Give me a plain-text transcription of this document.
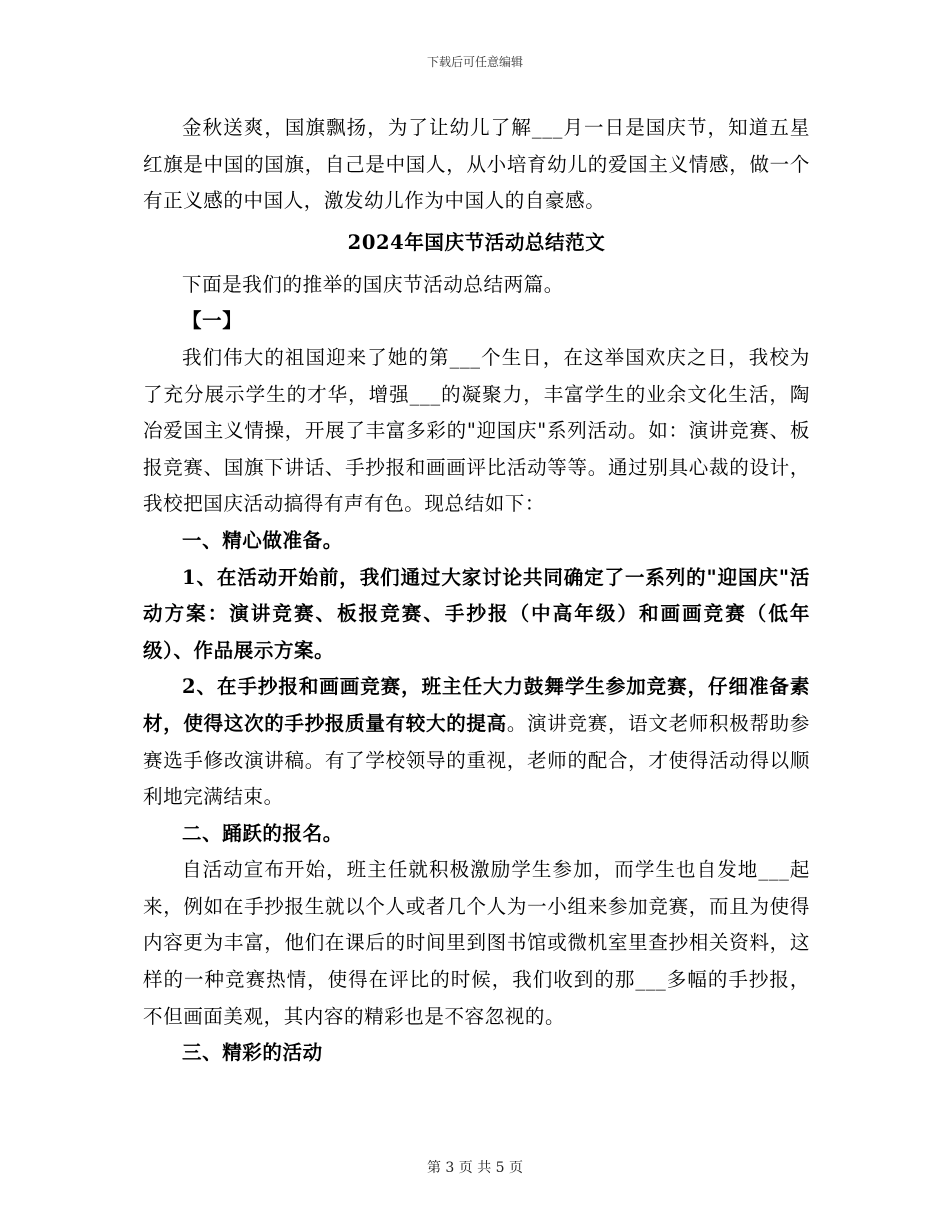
下载后可任意编辑

金秋送爽，国旗飘扬，为了让幼儿了解___月一日是国庆节，知道五星红旗是中国的国旗，自己是中国人，从小培育幼儿的爱国主义情感，做一个有正义感的中国人，激发幼儿作为中国人的自豪感。

2024年国庆节活动总结范文

下面是我们的推举的国庆节活动总结两篇。

【一】

我们伟大的祖国迎来了她的第___个生日，在这举国欢庆之日，我校为了充分展示学生的才华，增强___的凝聚力，丰富学生的业余文化生活，陶冶爱国主义情操，开展了丰富多彩的"迎国庆"系列活动。如：演讲竞赛、板报竞赛、国旗下讲话、手抄报和画画评比活动等等。通过别具心裁的设计，我校把国庆活动搞得有声有色。现总结如下：

一、精心做准备。

1、在活动开始前，我们通过大家讨论共同确定了一系列的"迎国庆"活动方案：演讲竞赛、板报竞赛、手抄报（中高年级）和画画竞赛（低年级）、作品展示方案。

2、在手抄报和画画竞赛，班主任大力鼓舞学生参加竞赛，仔细准备素材，使得这次的手抄报质量有较大的提高。演讲竞赛，语文老师积极帮助参赛选手修改演讲稿。有了学校领导的重视，老师的配合，才使得活动得以顺利地完满结束。

二、踊跃的报名。

自活动宣布开始，班主任就积极激励学生参加，而学生也自发地___起来，例如在手抄报生就以个人或者几个人为一小组来参加竞赛，而且为使得内容更为丰富，他们在课后的时间里到图书馆或微机室里查抄相关资料，这样的一种竞赛热情，使得在评比的时候，我们收到的那___多幅的手抄报，不但画面美观，其内容的精彩也是不容忽视的。

三、精彩的活动

第 3 页 共 5 页
